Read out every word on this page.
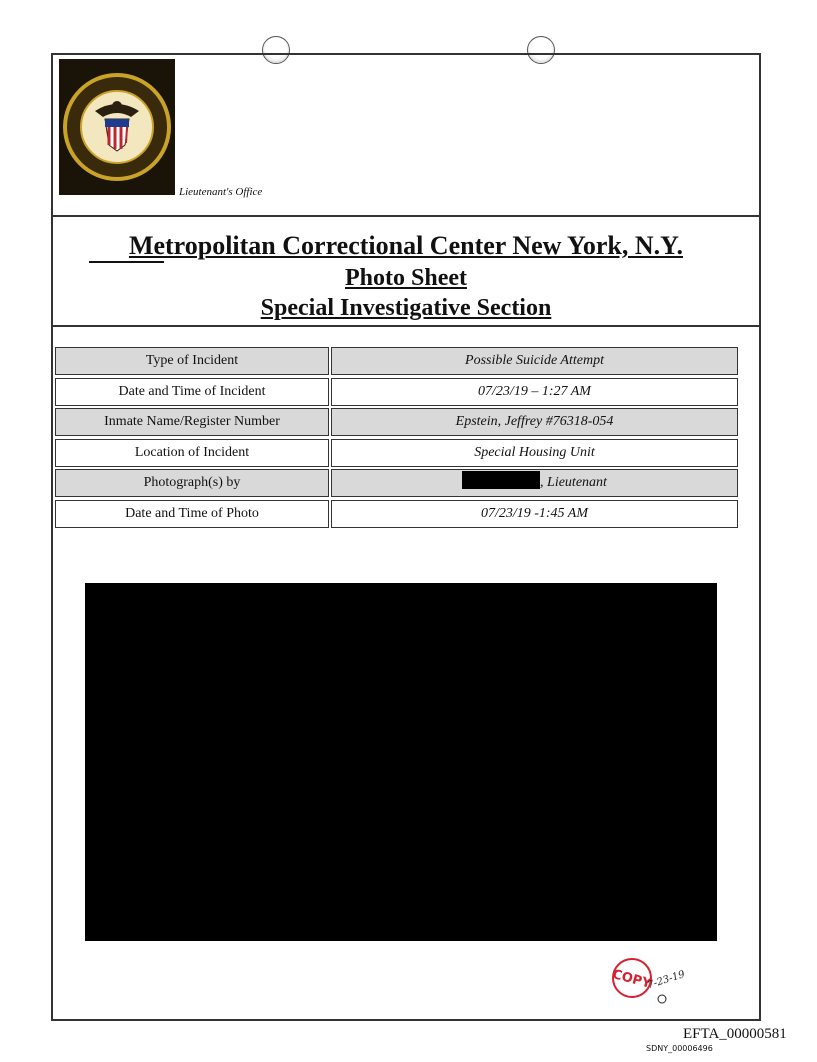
Lieutenant's Office
Metropolitan Correctional Center New York, N.Y.
Photo Sheet
Special Investigative Section
Type of Incident	Possible Suicide Attempt
Date and Time of Incident	07/23/19 – 1:27 AM
Inmate Name/Register Number	Epstein, Jeffrey #76318-054
Location of Incident	Special Housing Unit
Photograph(s) by	, Lieutenant
Date and Time of Photo	07/23/19 -1:45 AM
COPY
7-23-19
EFTA_00000581
SDNY_00006496
